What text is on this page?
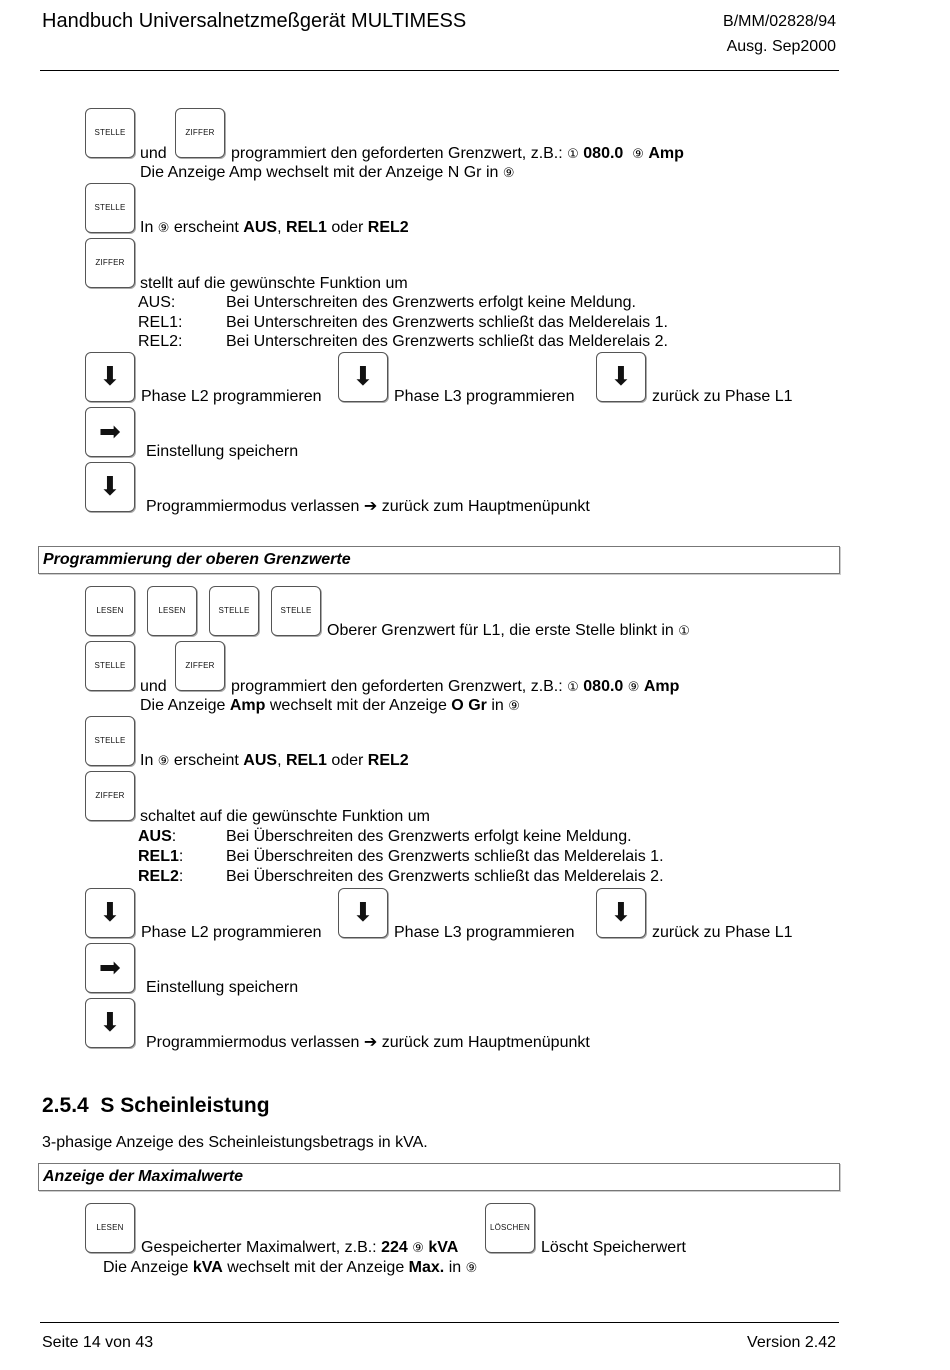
Handbuch Universalnetzmeßgerät MULTIMESS	B/MM/02828/94
Ausg. Sep2000
STELLE
und
ZIFFER
programmiert den geforderten Grenzwert, z.B.: ① 080.0 ⑨ Amp
Die Anzeige Amp wechselt mit der Anzeige N Gr in ⑨
STELLE
In ⑨ erscheint AUS, REL1 oder REL2
ZIFFER
stellt auf die gewünschte Funktion um
AUS:	Bei Unterschreiten des Grenzwerts erfolgt keine Meldung.
REL1:	Bei Unterschreiten des Grenzwerts schließt das Melderelais 1.
REL2:	Bei Unterschreiten des Grenzwerts schließt das Melderelais 2.
⬇
Phase L2 programmieren
⬇
Phase L3 programmieren
⬇
zurück zu Phase L1
➡
Einstellung speichern
⬇
Programmiermodus verlassen ➔ zurück zum Hauptmenüpunkt
Programmierung der oberen Grenzwerte
LESEN	LESEN	STELLE	STELLE
Oberer Grenzwert für L1, die erste Stelle blinkt in ①
STELLE
und
ZIFFER
programmiert den geforderten Grenzwert, z.B.: ① 080.0 ⑨ Amp
Die Anzeige Amp wechselt mit der Anzeige O Gr in ⑨
STELLE
In ⑨ erscheint AUS, REL1 oder REL2
ZIFFER
schaltet auf die gewünschte Funktion um
AUS:	Bei Überschreiten des Grenzwerts erfolgt keine Meldung.
REL1:	Bei Überschreiten des Grenzwerts schließt das Melderelais 1.
REL2:	Bei Überschreiten des Grenzwerts schließt das Melderelais 2.
⬇
Phase L2 programmieren
⬇
Phase L3 programmieren
⬇
zurück zu Phase L1
➡
Einstellung speichern
⬇
Programmiermodus verlassen ➔ zurück zum Hauptmenüpunkt
2.5.4  S Scheinleistung
3-phasige Anzeige des Scheinleistungsbetrags in kVA.
Anzeige der Maximalwerte
LESEN
Gespeicherter Maximalwert, z.B.: 224 ⑨ kVA
LÖSCHEN
Löscht Speicherwert
Die Anzeige kVA wechselt mit der Anzeige Max. in ⑨
Seite 14 von 43	Version 2.42
